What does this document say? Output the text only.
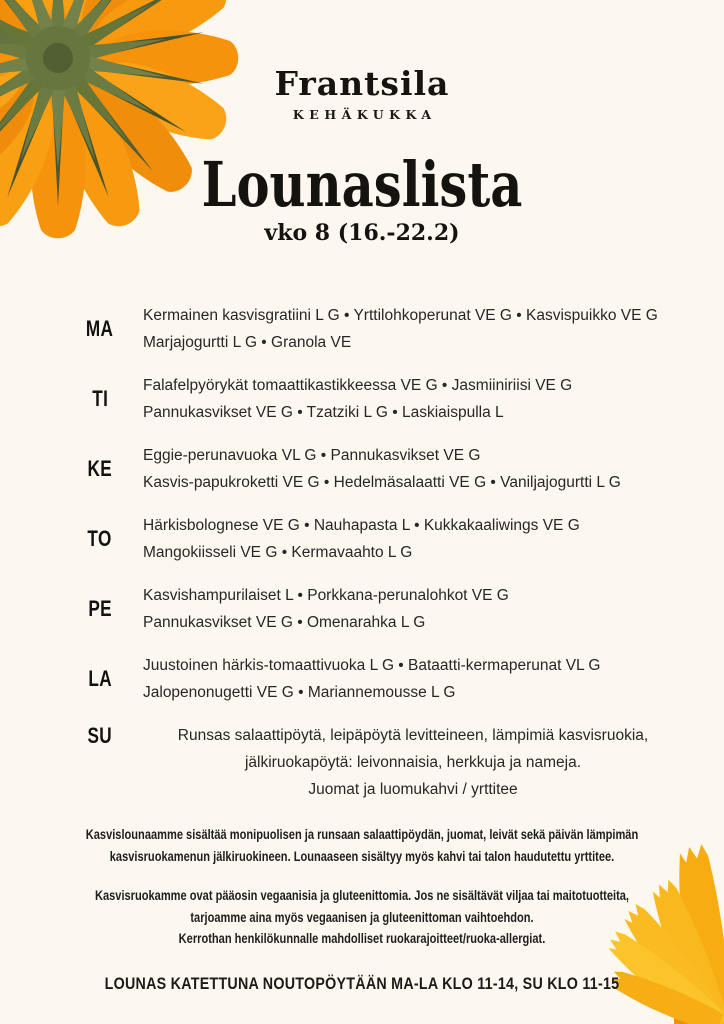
Frantsila
KEHÄKUKKA
Lounaslista
vko 8 (16.-22.2)
MA
Kermainen kasvisgratiini L G • Yrttilohkoperunat VE G • Kasvispuikko VE G
Marjajogurtti L G • Granola VE
TI
Falafelpyörykät tomaattikastikkeessa VE G • Jasmiiniriisi VE G
Pannukasvikset VE G • Tzatziki L G • Laskiaispulla L
KE
Eggie-perunavuoka VL G • Pannukasvikset VE G
Kasvis-papukroketti VE G • Hedelmäsalaatti VE G • Vaniljajogurtti L G
TO
Härkisbolognese VE G • Nauhapasta L • Kukkakaaliwings VE G
Mangokiisseli VE G • Kermavaahto L G
PE
Kasvishampurilaiset L • Porkkana-perunalohkot VE G
Pannukasvikset VE G • Omenarahka L G
LA
Juustoinen härkis-tomaattivuoka L G • Bataatti-kermaperunat VL G
Jalopenonugetti VE G • Mariannemousse L G
SU	Runsas salaattipöytä, leipäpöytä levitteineen, lämpimiä kasvisruokia,
jälkiruokapöytä: leivonnaisia, herkkuja ja nameja.
Juomat ja luomukahvi / yrttitee
Kasvislounaamme sisältää monipuolisen ja runsaan salaattipöydän, juomat, leivät sekä päivän lämpimän
kasvisruokamenun jälkiruokineen. Lounaaseen sisältyy myös kahvi tai talon haudutettu yrttitee.
Kasvisruokamme ovat pääosin vegaanisia ja gluteenittomia. Jos ne sisältävät viljaa tai maitotuotteita,
tarjoamme aina myös vegaanisen ja gluteenittoman vaihtoehdon.
Kerrothan henkilökunnalle mahdolliset ruokarajoitteet/ruoka-allergiat.
LOUNAS KATETTUNA NOUTOPÖYTÄÄN MA-LA KLO 11-14, SU KLO 11-15
